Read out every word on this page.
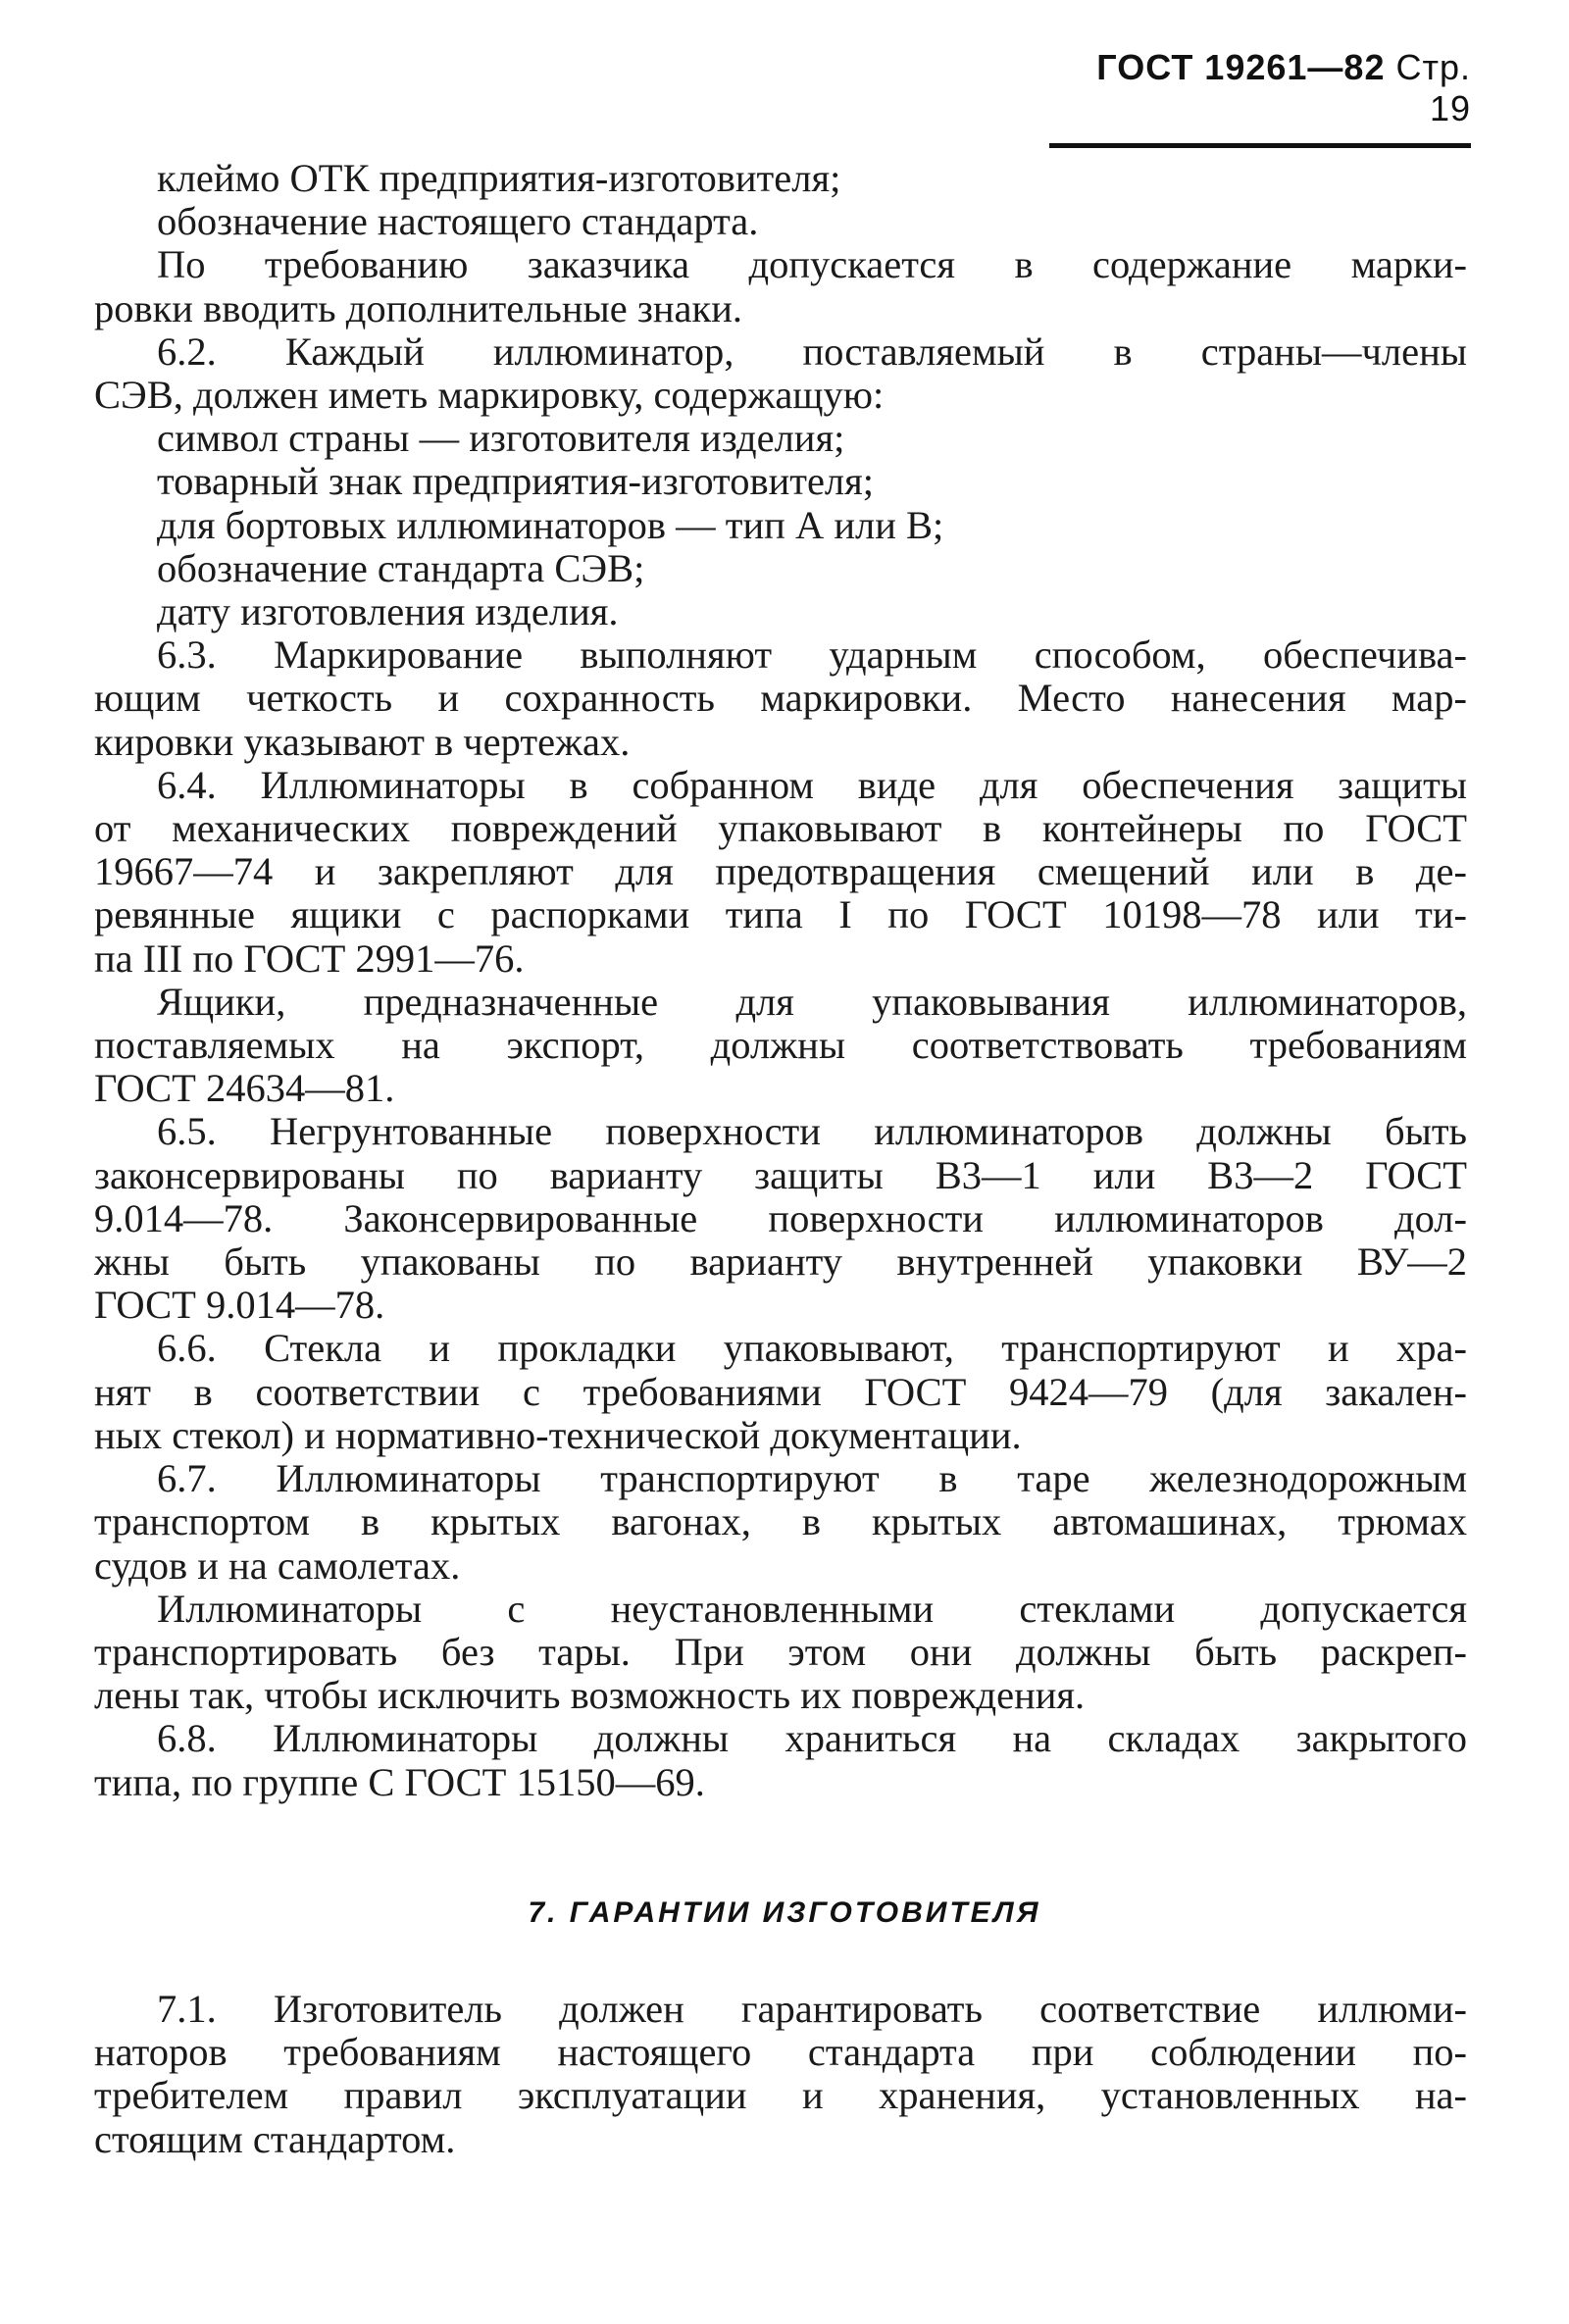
ГОСТ 19261—82 Стр. 19

клеймо ОТК предприятия-изготовителя;

обозначение настоящего стандарта.

По требованию заказчика допускается в содержание марки-

ровки вводить дополнительные знаки.

6.2. Каждый иллюминатор, поставляемый в страны—члены

СЭВ, должен иметь маркировку, содержащую:

символ страны — изготовителя изделия;

товарный знак предприятия-изготовителя;

для бортовых иллюминаторов — тип А или В;

обозначение стандарта СЭВ;

дату изготовления изделия.

6.3. Маркирование выполняют ударным способом, обеспечива-

ющим четкость и сохранность маркировки. Место нанесения мар-

кировки указывают в чертежах.

6.4. Иллюминаторы в собранном виде для обеспечения защиты

от механических повреждений упаковывают в контейнеры по ГОСТ

19667—74 и закрепляют для предотвращения смещений или в де-

ревянные ящики с распорками типа I по ГОСТ 10198—78 или ти-

па III по ГОСТ 2991—76.

Ящики, предназначенные для упаковывания иллюминаторов,

поставляемых на экспорт, должны соответствовать требованиям

ГОСТ 24634—81.

6.5. Негрунтованные поверхности иллюминаторов должны быть

законсервированы по варианту защиты В3—1 или В3—2 ГОСТ

9.014—78. Законсервированные поверхности иллюминаторов дол-

жны быть упакованы по варианту внутренней упаковки ВУ—2

ГОСТ 9.014—78.

6.6. Стекла и прокладки упаковывают, транспортируют и хра-

нят в соответствии с требованиями ГОСТ 9424—79 (для закален-

ных стекол) и нормативно-технической документации.

6.7. Иллюминаторы транспортируют в таре железнодорожным

транспортом в крытых вагонах, в крытых автомашинах, трюмах

судов и на самолетах.

Иллюминаторы с неустановленными стеклами допускается

транспортировать без тары. При этом они должны быть раскреп-

лены так, чтобы исключить возможность их повреждения.

6.8. Иллюминаторы должны храниться на складах закрытого

типа, по группе С ГОСТ 15150—69.

7. ГАРАНТИИ ИЗГОТОВИТЕЛЯ

7.1. Изготовитель должен гарантировать соответствие иллюми-

наторов требованиям настоящего стандарта при соблюдении по-

требителем правил эксплуатации и хранения, установленных на-

стоящим стандартом.
